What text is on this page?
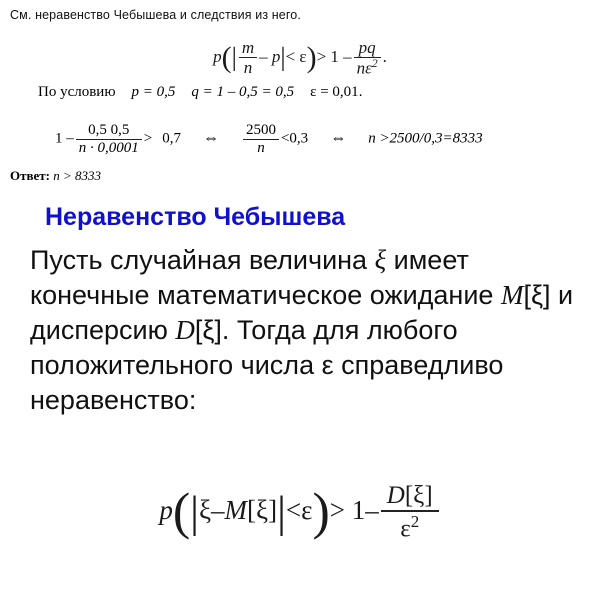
См. неравенство Чебышева и следствия из него.
$p(| \frac{m}{n} - p|< \varepsilon)> 1 - \frac{pq}{n\varepsilon^2}$ .
По условию p = 0,5 q = 1 – 0,5 = 0,5 ε = 0,01.
$1 - \frac{0,5 0,5}{n \cdot 0,0001} > 0,7$ ⇔ $\frac{2500}{n} <0,3$ ⇔ n >2500/0,3=8333
Ответ: n > 8333
Неравенство Чебышева
Пусть случайная величина ξ имеет конечные математическое ожидание M[ξ] и дисперсию D[ξ]. Тогда для любого положительного числа ε справедливо неравенство:
$p(|\xi-M[\xi]|<\varepsilon)> 1- \frac{D[\xi]}{\varepsilon^2}$
